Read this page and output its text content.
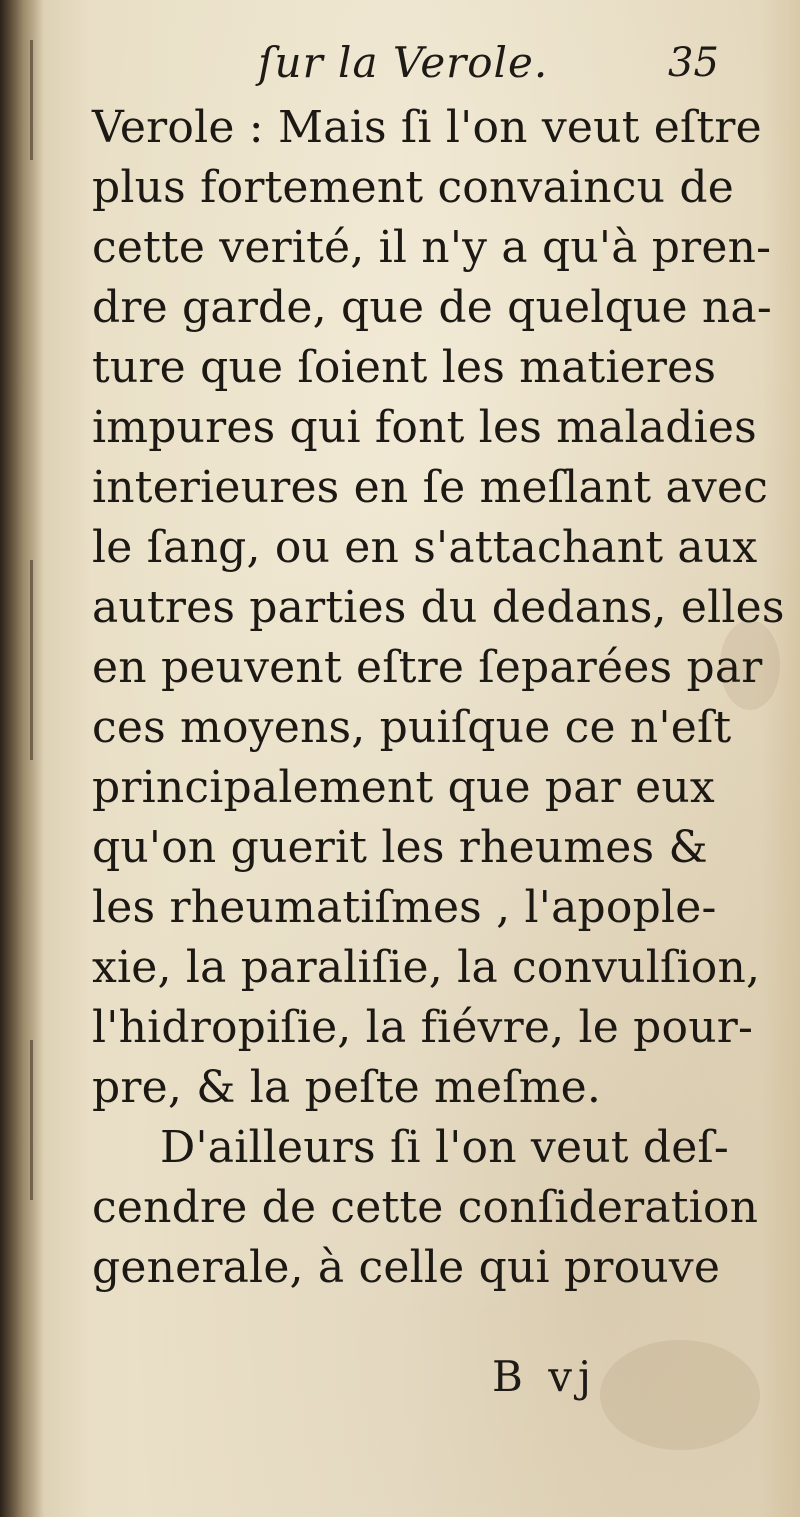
ſur la Verole.	35
Verole : Mais ſi l'on veut eſtre
plus fortement convaincu de
cette verité, il n'y a qu'à pren-
dre garde, que de quelque na-
ture que ſoient les matieres
impures qui font les maladies
interieures en ſe meſlant avec
le ſang, ou en s'attachant aux
autres parties du dedans, elles
en peuvent eſtre ſeparées par
ces moyens, puiſque ce n'eſt
principalement que par eux
qu'on guerit les rheumes &
les rheumatiſmes , l'apople-
xie, la paraliſie, la convulſion,
l'hidropiſie, la fiévre, le pour-
pre, & la peſte meſme.
D'ailleurs ſi l'on veut deſ-
cendre de cette conſideration
generale, à celle qui prouve
B vj
